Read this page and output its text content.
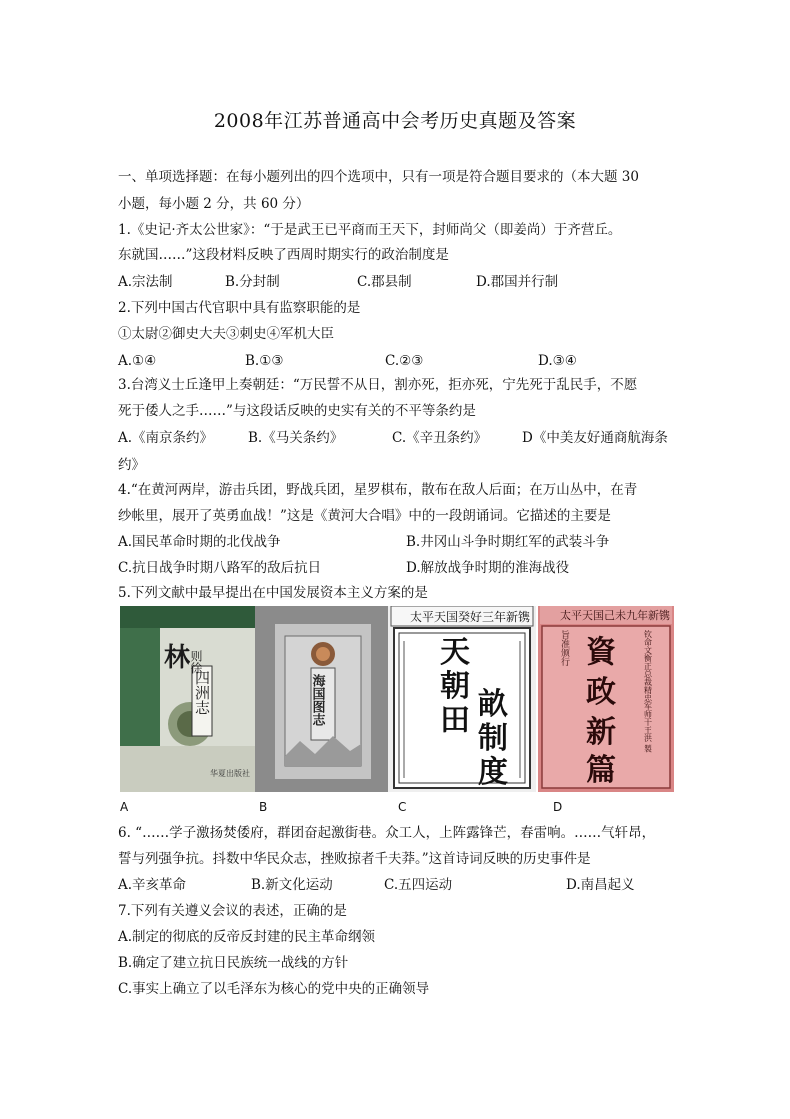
2008年江苏普通高中会考历史真题及答案
一、单项选择题：在每小题列出的四个选项中，只有一项是符合题目要求的（本大题 30
小题，每小题 2 分，共 60 分）
1.《史记·齐太公世家》：“于是武王已平商而王天下，封师尚父（即姜尚）于齐营丘。
东就国……”这段材料反映了西周时期实行的政治制度是
A.宗法制	B.分封制	C.郡县制	D.郡国并行制
2.下列中国古代官职中具有监察职能的是
①太尉②御史大夫③刺史④军机大臣
A.①④	B.①③	C.②③	D.③④
3.台湾义士丘逢甲上奏朝廷：“万民誓不从日，割亦死，拒亦死，宁先死于乱民手，不愿
死于倭人之手……”与这段话反映的史实有关的不平等条约是
A.《南京条约》	B.《马关条约》	C.《辛丑条约》	D《中美友好通商航海条
约》
4.“在黄河两岸，游击兵团，野战兵团，星罗棋布，散布在敌人后面；在万山丛中，在青
纱帐里，展开了英勇血战！”这是《黄河大合唱》中的一段朗诵词。它描述的主要是
A.国民革命时期的北伐战争	B.井冈山斗争时期红军的武装斗争
C.抗日战争时期八路军的敌后抗日	D.解放战争时期的淮海战役
5.下列文献中最早提出在中国发展资本主义方案的是
林
则徐
四洲志
华夏出版社
海国图志
太平天国癸好三年新镌
天
朝
田 畝
制
度
太平天国己未九年新镌
旨准颁行	钦命文衡正总裁精忠军师干王洪 製
資
政
新
篇
A	B	C	D
6. “……学子激扬焚倭府，群团奋起激街巷。众工人，上阵露锋芒，春雷响。……气轩昂，
誓与列强争抗。抖数中华民众志，挫败掠者千夫莽。”这首诗词反映的历史事件是
A.辛亥革命	B.新文化运动	C.五四运动	D.南昌起义
7.下列有关遵义会议的表述，正确的是
A.制定的彻底的反帝反封建的民主革命纲领
B.确定了建立抗日民族统一战线的方针
C.事实上确立了以毛泽东为核心的党中央的正确领导
